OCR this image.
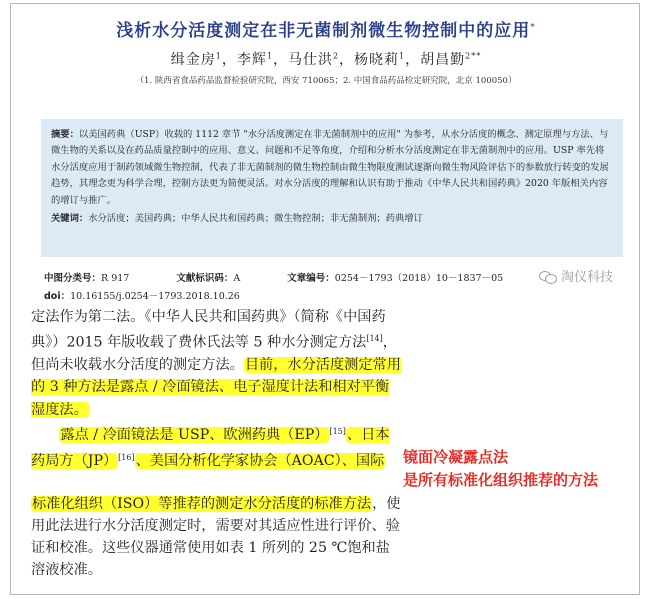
浅析水分活度测定在非无菌制剂微生物控制中的应用*
缉金房$^1$，李辉$^1$，马仕洪$^2$，杨晓莉$^1$，胡昌勤$^{2**}$
（1. 陕西省食品药品监督检验研究院，西安 710065；2. 中国食品药品检定研究院，北京 100050）
摘要：以美国药典（USP）收载的 1112 章节 "水分活度测定在非无菌制剂中的应用" 为参考，从水分活度的概念、测定原理与方法、与微生物的关系以及在药品质量控制中的应用、意义、问题和不足等角度，介绍和分析水分活度测定在非无菌制剂中的应用。USP 率先将水分活度应用于制药领域微生物控制，代表了非无菌制剂的微生物控制由微生物限度测试逐渐向微生物风险评估下的参数放行转变的发展趋势，其理念更为科学合理，控制方法更为简便灵活。对水分活度的理解和认识有助于推动《中华人民共和国药典》2020 年版相关内容的增订与推广。
关键词：水分活度；美国药典；中华人民共和国药典；微生物控制；非无菌制剂；药典增订
中图分类号：R 917	文献标识码：A	文章编号：0254－1793（2018）10－1837－05
doi：10.16155/j.0254－1793.2018.10.26
淘仪科技

定法作为第二法。《中华人民共和国药典》（简称《中国药典》）2015 年版收载了费休氏法等 5 种水分测定方法[14]，但尚未收载水分活度的测定方法。目前，水分活度测定常用的 3 种方法是露点 / 冷面镜法、电子湿度计法和相对平衡湿度法。

露点 / 冷面镜法是 USP、欧洲药典（EP）[15]、日本药局方（JP）[16]、美国分析化学家协会（AOAC）、国际

标准化组织（ISO）等推荐的测定水分活度的标准方法，使用此法进行水分活度测定时，需要对其适应性进行评价、验证和校准。这些仪器通常使用如表 1 所列的 25 ℃饱和盐溶液校准。

镜面冷凝露点法
是所有标准化组织推荐的方法
